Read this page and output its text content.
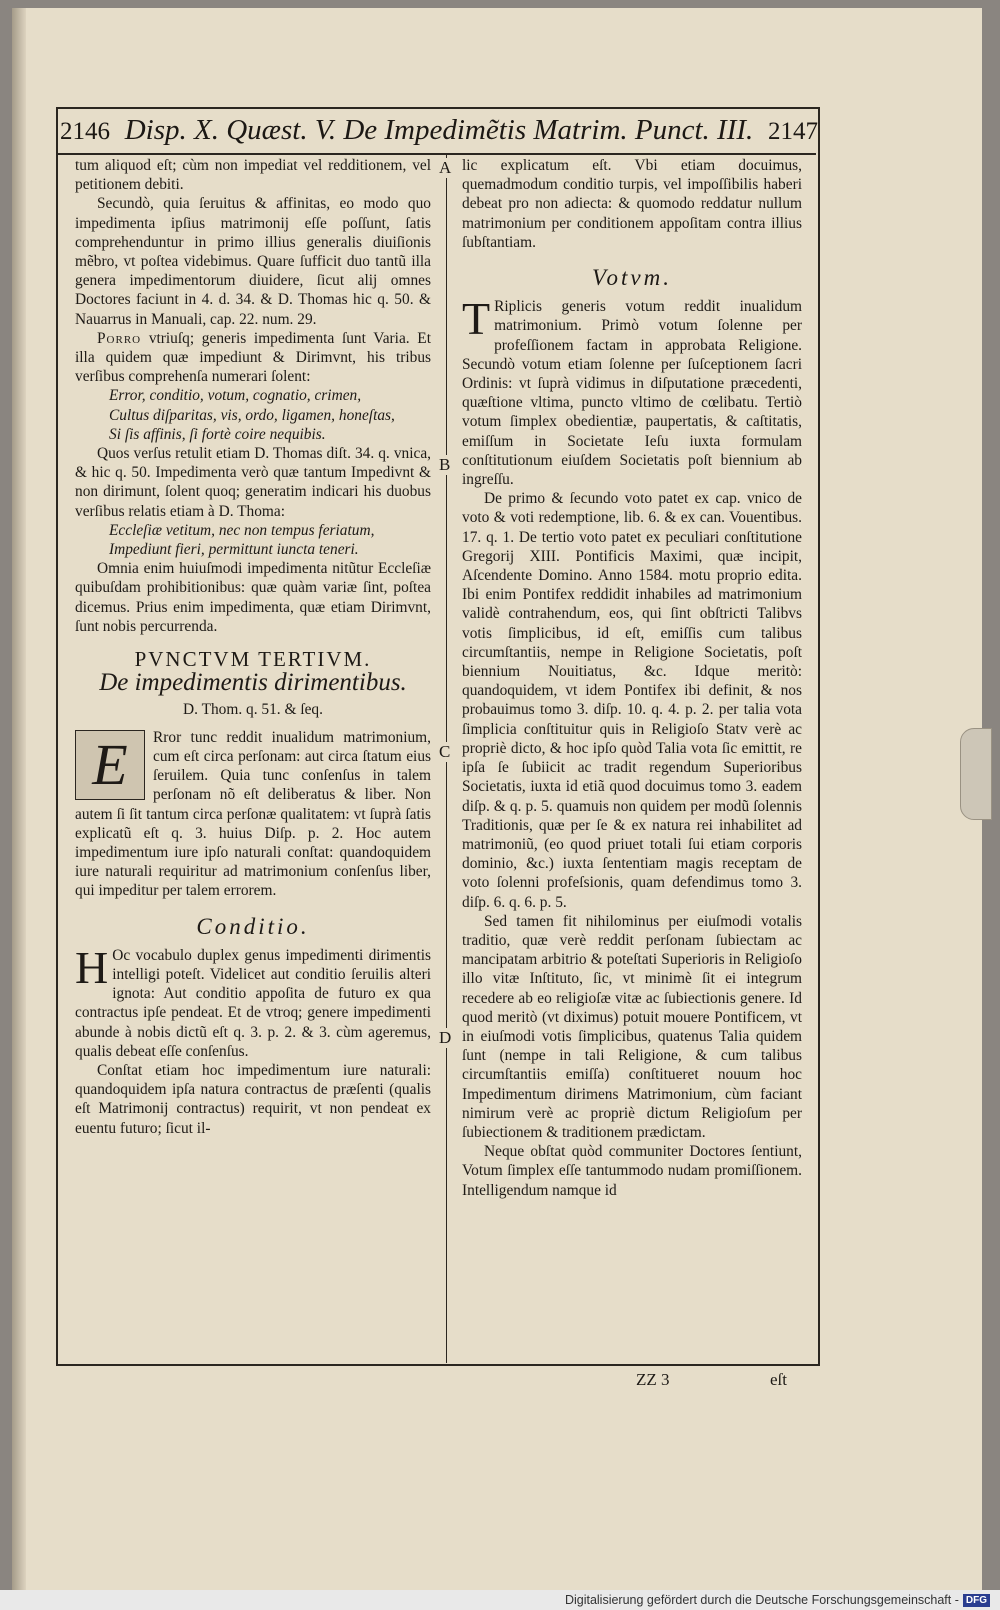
2146 Disp. X. Quæst. V. De Impedimẽtis Matrim. Punct. III. 2147
A
B
C
D

tum aliquod eſt; cùm non impediat vel redditionem, vel petitionem debiti.

Secundò, quia ſeruitus & affinitas, eo modo quo impedimenta ipſius matrimonij eſſe poſſunt, ſatis comprehenduntur in primo illius generalis diuiſionis mẽbro, vt poſtea videbimus. Quare ſufficit duo tantũ illa genera impedimentorum diuidere, ſicut alij omnes Doctores faciunt in 4. d. 34. & D. Thomas hic q. 50. & Nauarrus in Manuali, cap. 22. num. 29.

Porro vtriuſq; generis impedimenta ſunt Varia. Et illa quidem quæ impediunt & Dirimvnt, his tribus verſibus comprehenſa numerari ſolent:

Error, conditio, votum, cognatio, crimen,
Cultus diſparitas, vis, ordo, ligamen, honeſtas,
Si ſis affinis, ſi fortè coire nequibis.

Quos verſus retulit etiam D. Thomas diſt. 34. q. vnica, & hic q. 50. Impedimenta verò quæ tantum Impedivnt & non dirimunt, ſolent quoq; generatim indicari his duobus verſibus relatis etiam à D. Thoma:

Eccleſiæ vetitum, nec non tempus feriatum,
Impediunt fieri, permittunt iuncta teneri.

Omnia enim huiuſmodi impedimenta nitũtur Eccleſiæ quibuſdam prohibitionibus: quæ quàm variæ ſint, poſtea dicemus. Prius enim impedimenta, quæ etiam Dirimvnt, ſunt nobis percurrenda.

PVNCTVM TERTIVM.
De impedimentis dirimentibus.
D. Thom. q. 51. & ſeq.

E	Rror tunc reddit inualidum matrimonium, cum eſt circa perſonam: aut circa ſtatum eius ſeruilem. Quia tunc conſenſus in talem perſonam nõ eſt deliberatus & liber. Non autem ſi ſit tantum circa perſonæ qualitatem: vt ſuprà ſatis explicatũ eſt q. 3. huius Diſp. p. 2. Hoc autem impedimentum iure ipſo naturali conſtat: quandoquidem iure naturali requiritur ad matrimonium conſenſus liber, qui impeditur per talem errorem.

Conditio.

H Oc vocabulo duplex genus impedimenti dirimentis intelligi poteſt. Videlicet aut conditio ſeruilis alteri ignota: Aut conditio appoſita de futuro ex qua contractus ipſe pendeat. Et de vtroq; genere impedimenti abunde à nobis dictũ eſt q. 3. p. 2. & 3. cùm ageremus, qualis debeat eſſe conſenſus.

Conſtat etiam hoc impedimentum iure naturali: quandoquidem ipſa natura contractus de præſenti (qualis eſt Matrimonij contractus) requirit, vt non pendeat ex euentu futuro; ſicut il-

lic explicatum eſt. Vbi etiam docuimus, quemadmodum conditio turpis, vel impoſſibilis haberi debeat pro non adiecta: & quomodo reddatur nullum matrimonium per conditionem appoſitam contra illius ſubſtantiam.

Votvm.

T Riplicis generis votum reddit inualidum matrimonium. Primò votum ſolenne per profeſſionem factam in approbata Religione. Secundò votum etiam ſolenne per ſuſceptionem ſacri Ordinis: vt ſuprà vidimus in diſputatione præcedenti, quæſtione vltima, puncto vltimo de cœlibatu. Tertiò votum ſimplex obedientiæ, paupertatis, & caſtitatis, emiſſum in Societate Ieſu iuxta formulam conſtitutionum eiuſdem Societatis poſt biennium ab ingreſſu.

De primo & ſecundo voto patet ex cap. vnico de voto & voti redemptione, lib. 6. & ex can. Vouentibus. 17. q. 1. De tertio voto patet ex peculiari conſtitutione Gregorij XIII. Pontificis Maximi, quæ incipit, Aſcendente Domino. Anno 1584. motu proprio edita. Ibi enim Pontifex reddidit inhabiles ad matrimonium validè contrahendum, eos, qui ſint obſtricti Talibvs votis ſimplicibus, id eſt, emiſſis cum talibus circumſtantiis, nempe in Religione Societatis, poſt biennium Nouitiatus, &c. Idque meritò: quandoquidem, vt idem Pontifex ibi definit, & nos probauimus tomo 3. diſp. 10. q. 4. p. 2. per talia vota ſimplicia conſtituitur quis in Religioſo Statv verè ac propriè dicto, & hoc ipſo quòd Talia vota ſic emittit, re ipſa ſe ſubiicit ac tradit regendum Superioribus Societatis, iuxta id etiã quod docuimus tomo 3. eadem diſp. & q. p. 5. quamuis non quidem per modũ ſolennis Traditionis, quæ per ſe & ex natura rei inhabilitet ad matrimoniũ, (eo quod priuet totali ſui etiam corporis dominio, &c.) iuxta ſententiam magis receptam de voto ſolenni profeſsionis, quam defendimus tomo 3. diſp. 6. q. 6. p. 5.

Sed tamen fit nihilominus per eiuſmodi votalis traditio, quæ verè reddit perſonam ſubiectam ac mancipatam arbitrio & poteſtati Superioris in Religioſo illo vitæ Inſtituto, ſic, vt minimè ſit ei integrum recedere ab eo religioſæ vitæ ac ſubiectionis genere. Id quod meritò (vt diximus) potuit mouere Pontificem, vt in eiuſmodi votis ſimplicibus, quatenus Talia quidem ſunt (nempe in tali Religione, & cum talibus circumſtantiis emiſſa) conſtitueret nouum hoc Impedimentum dirimens Matrimonium, cùm faciant nimirum verè ac propriè dictum Religioſum per ſubiectionem & traditionem prædictam.

Neque obſtat quòd communiter Doctores ſentiunt, Votum ſimplex eſſe tantummodo nudam promiſſionem. Intelligendum namque id

ZZ 3	eſt
Digitalisierung gefördert durch die Deutsche Forschungsgemeinschaft - DFG
